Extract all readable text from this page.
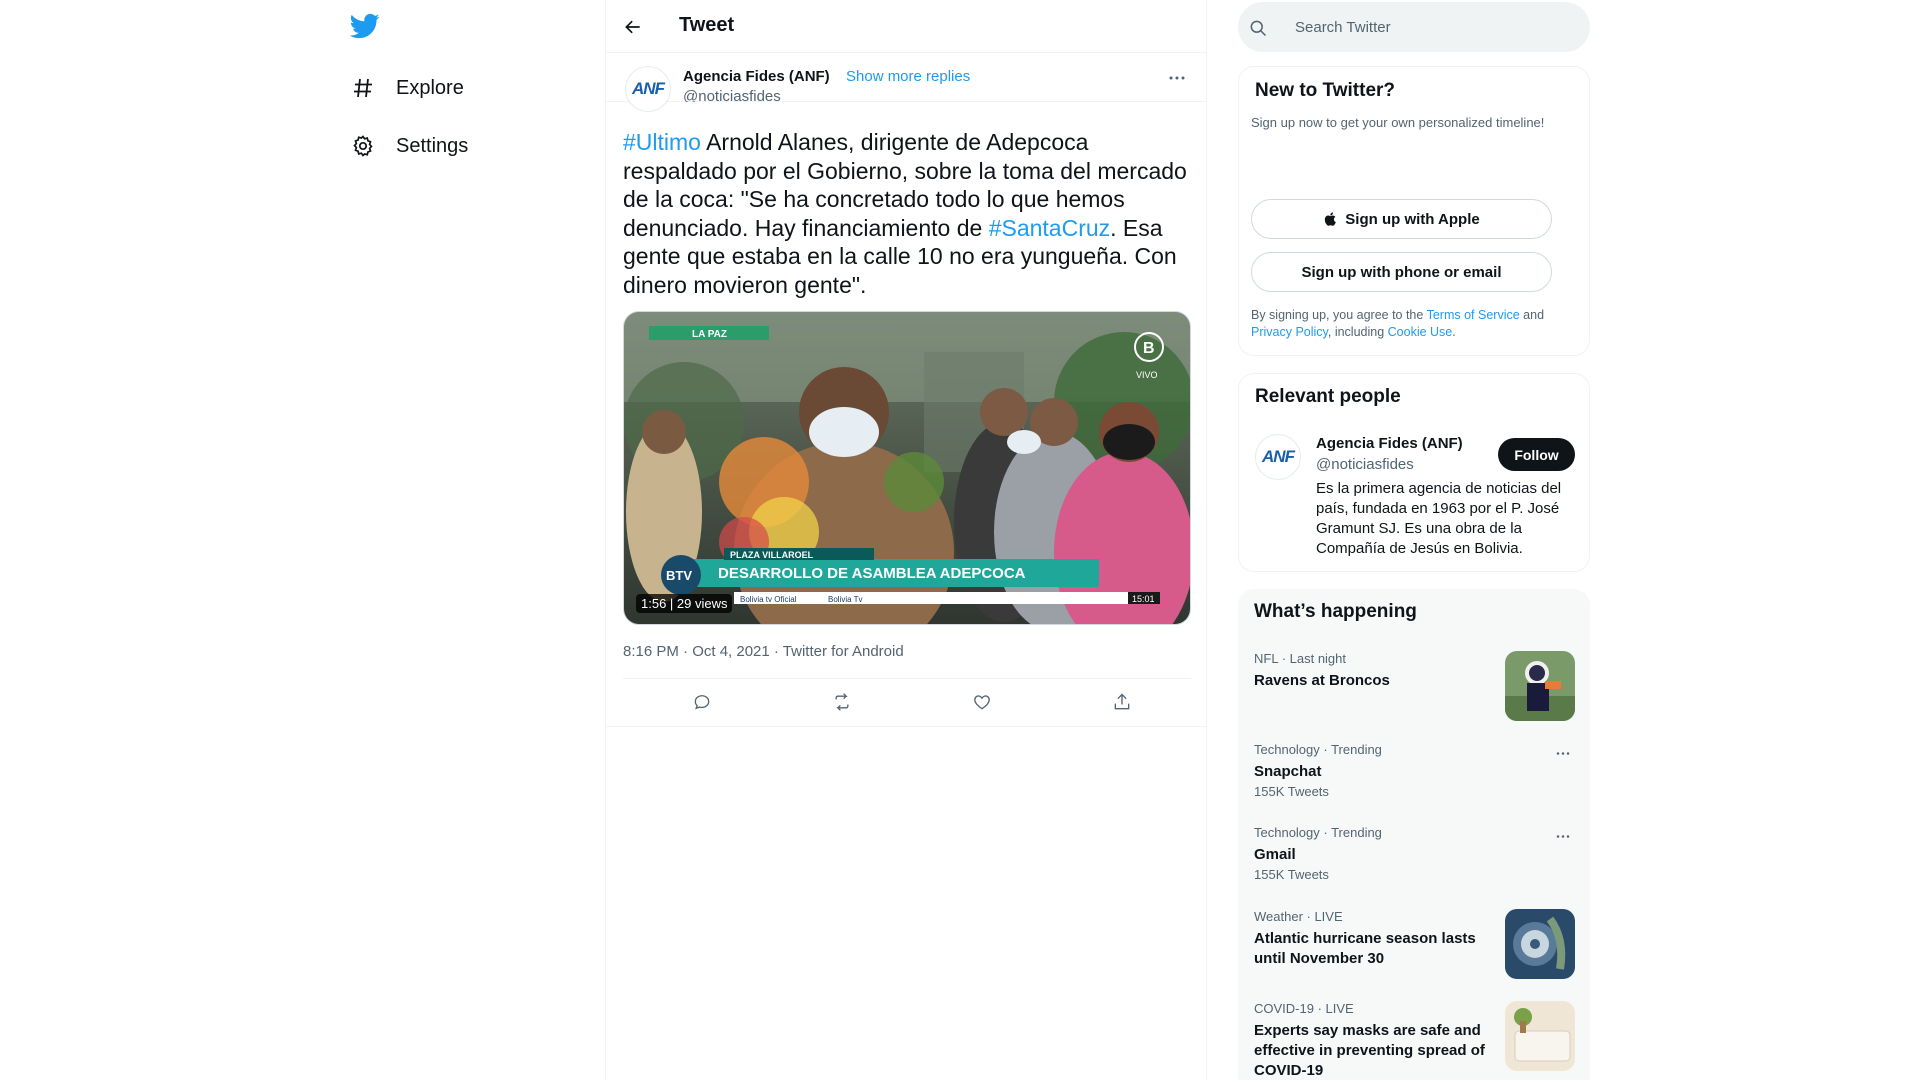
Explore
Settings
Tweet
ANF
Agencia Fides (ANF) Show more replies
@noticiasfides
#Ultimo Arnold Alanes, dirigente de Adepcoca respaldado por el Gobierno, sobre la toma del mercado de la coca: "Se ha concretado todo lo que hemos denunciado. Hay financiamiento de #SantaCruz. Esa gente que estaba en la calle 10 no era yungueña. Con dinero movieron gente".
LA PAZ
B
VIVO
PLAZA VILLAROEL
DESARROLLO DE ASAMBLEA ADEPCOCA
BTV
Bolivia tv Oficial	Bolivia Tv	15:01
1:56 | 29 views
8:16 PM · Oct 4, 2021 · Twitter for Android
Search Twitter
New to Twitter?
Sign up now to get your own personalized timeline!
Sign up with Apple
Sign up with phone or email
By signing up, you agree to the Terms of Service and Privacy Policy, including Cookie Use.
Relevant people
ANF
Agencia Fides (ANF)
@noticiasfides
Follow
Es la primera agencia de noticias del país, fundada en 1963 por el P. José Gramunt SJ. Es una obra de la Compañía de Jesús en Bolivia.
What’s happening
NFL · Last night
Ravens at Broncos
Technology · Trending
Snapchat
155K Tweets
Technology · Trending
Gmail
155K Tweets
Weather · LIVE
Atlantic hurricane season lasts until November 30
COVID-19 · LIVE
Experts say masks are safe and effective in preventing spread of COVID-19
